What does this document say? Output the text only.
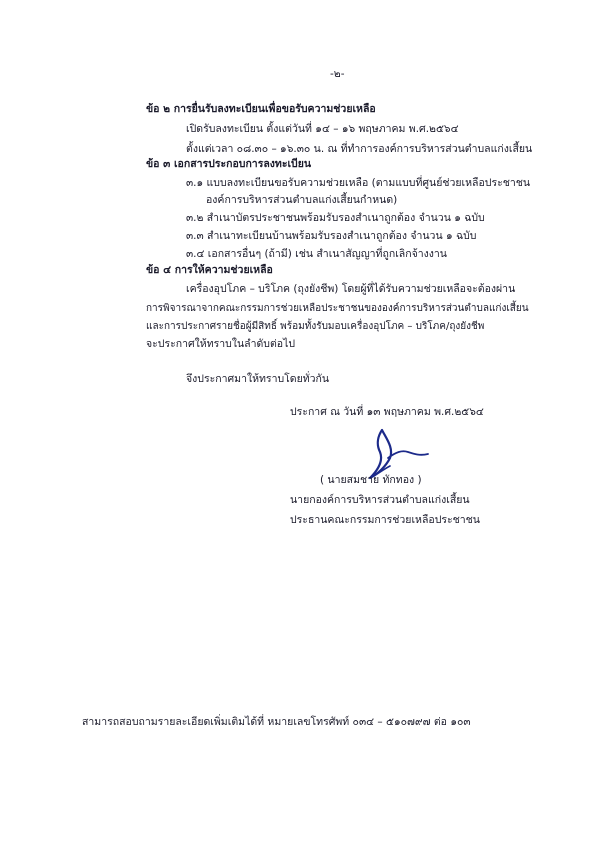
-๒-
ข้อ ๒ การยื่นรับลงทะเบียนเพื่อขอรับความช่วยเหลือ
เปิดรับลงทะเบียน ตั้งแต่วันที่ ๑๔ – ๑๖ พฤษภาคม พ.ศ.๒๕๖๔
ตั้งแต่เวลา ๐๘.๓๐ – ๑๖.๓๐ น. ณ ที่ทำการองค์การบริหารส่วนตำบลแก่งเสี้ยน
ข้อ ๓ เอกสารประกอบการลงทะเบียน
๓.๑ แบบลงทะเบียนขอรับความช่วยเหลือ (ตามแบบที่ศูนย์ช่วยเหลือประชาชน
องค์การบริหารส่วนตำบลแก่งเสี้ยนกำหนด)
๓.๒ สำเนาบัตรประชาชนพร้อมรับรองสำเนาถูกต้อง จำนวน ๑ ฉบับ
๓.๓ สำเนาทะเบียนบ้านพร้อมรับรองสำเนาถูกต้อง จำนวน ๑ ฉบับ
๓.๔ เอกสารอื่นๆ (ถ้ามี) เช่น สำเนาสัญญาที่ถูกเลิกจ้างงาน
ข้อ ๔ การให้ความช่วยเหลือ
เครื่องอุปโภค – บริโภค (ถุงยังชีพ) โดยผู้ที่ได้รับความช่วยเหลือจะต้องผ่าน
การพิจารณาจากคณะกรรมการช่วยเหลือประชาชนขององค์การบริหารส่วนตำบลแก่งเสี้ยน
และการประกาศรายชื่อผู้มีสิทธิ์ พร้อมทั้งรับมอบเครื่องอุปโภค – บริโภค/ถุงยังชีพ
จะประกาศให้ทราบในลำดับต่อไป
จึงประกาศมาให้ทราบโดยทั่วกัน
ประกาศ ณ วันที่ ๑๓ พฤษภาคม พ.ศ.๒๕๖๔
( นายสมชาย ทักทอง )
นายกองค์การบริหารส่วนตำบลแก่งเสี้ยน
ประธานคณะกรรมการช่วยเหลือประชาชน
สามารถสอบถามรายละเอียดเพิ่มเติมได้ที่ หมายเลขโทรศัพท์ ๐๓๔ – ๕๑๐๗๙๗ ต่อ ๑๐๓
